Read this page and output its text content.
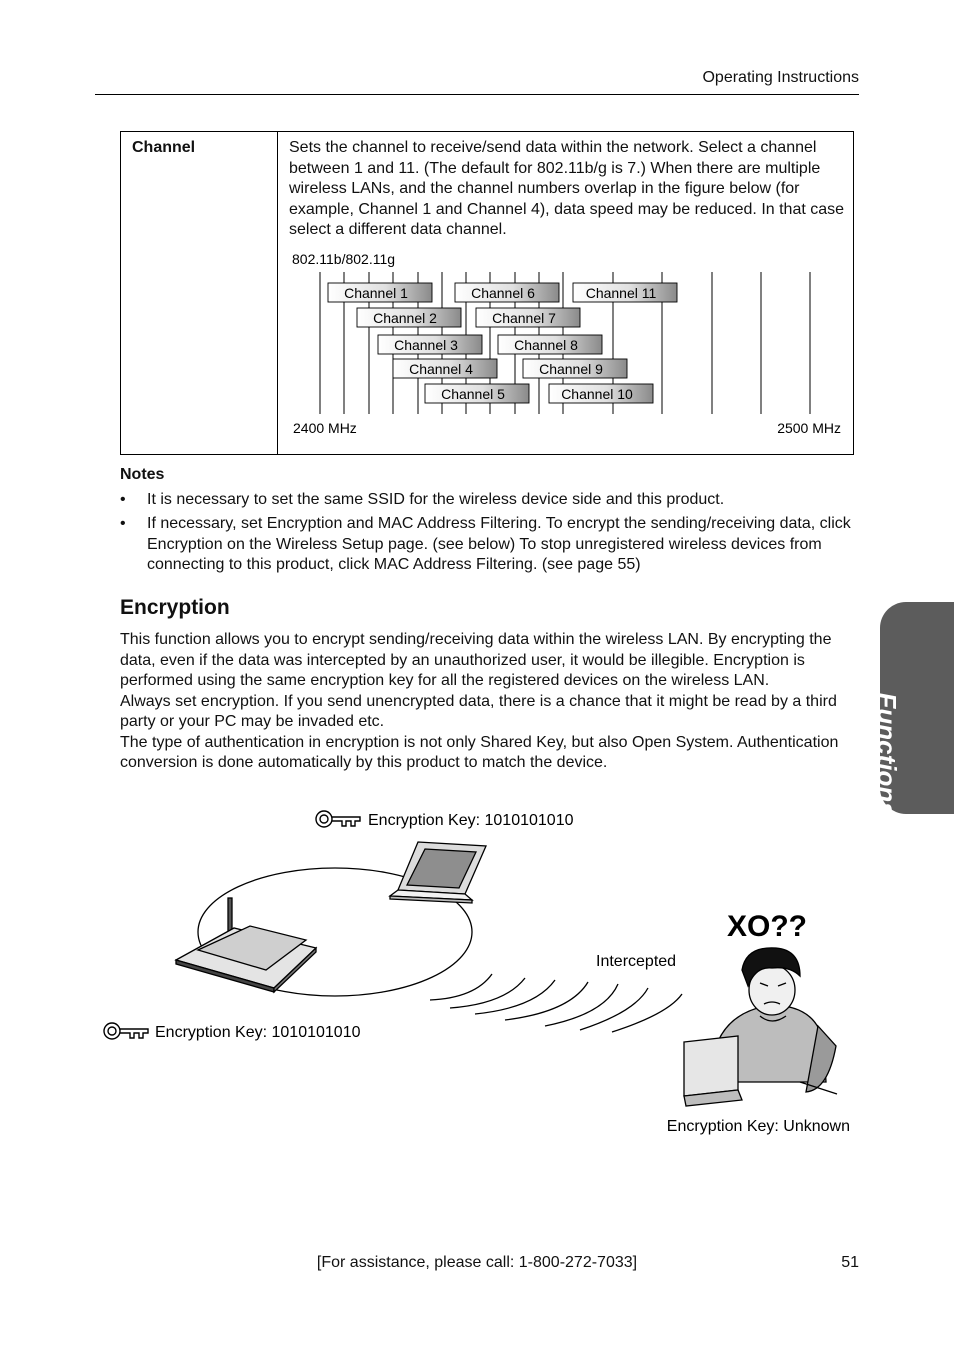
Operating Instructions
Channel	Sets the channel to receive/send data within the network. Select a channel between 1 and 11. (The default for 802.11b/g is 7.) When there are multiple wireless LANs, and the channel numbers overlap in the figure below (for example, Channel 1 and Channel 4), data speed may be reduced. In that case select a different data channel.
802.11b/802.11g
Channel 1
Channel 2
Channel 3
Channel 4
Channel 5
Channel 6
Channel 7
Channel 8
Channel 9
Channel 10
Channel 11
2400 MHz	2500 MHz
Notes
• It is necessary to set the same SSID for the wireless device side and this product.
• If necessary, set Encryption and MAC Address Filtering. To encrypt the sending/receiving data, click Encryption on the Wireless Setup page. (see below) To stop unregistered wireless devices from connecting to this product, click MAC Address Filtering. (see page 55)
Encryption

This function allows you to encrypt sending/receiving data within the wireless LAN. By encrypting the data, even if the data was intercepted by an unauthorized user, it would be illegible. Encryption is performed using the same encryption key for all the registered devices on the wireless LAN.

Always set encryption. If you send unencrypted data, there is a chance that it might be read by a third party or your PC may be invaded etc.

The type of authentication in encryption is not only Shared Key, but also Open System. Authentication conversion is done automatically by this product to match the device.	Functions
Encryption Key: 1010101010
Encryption Key: 1010101010
Intercepted
XO??
Encryption Key: Unknown
[For assistance, please call: 1-800-272-7033]	51
